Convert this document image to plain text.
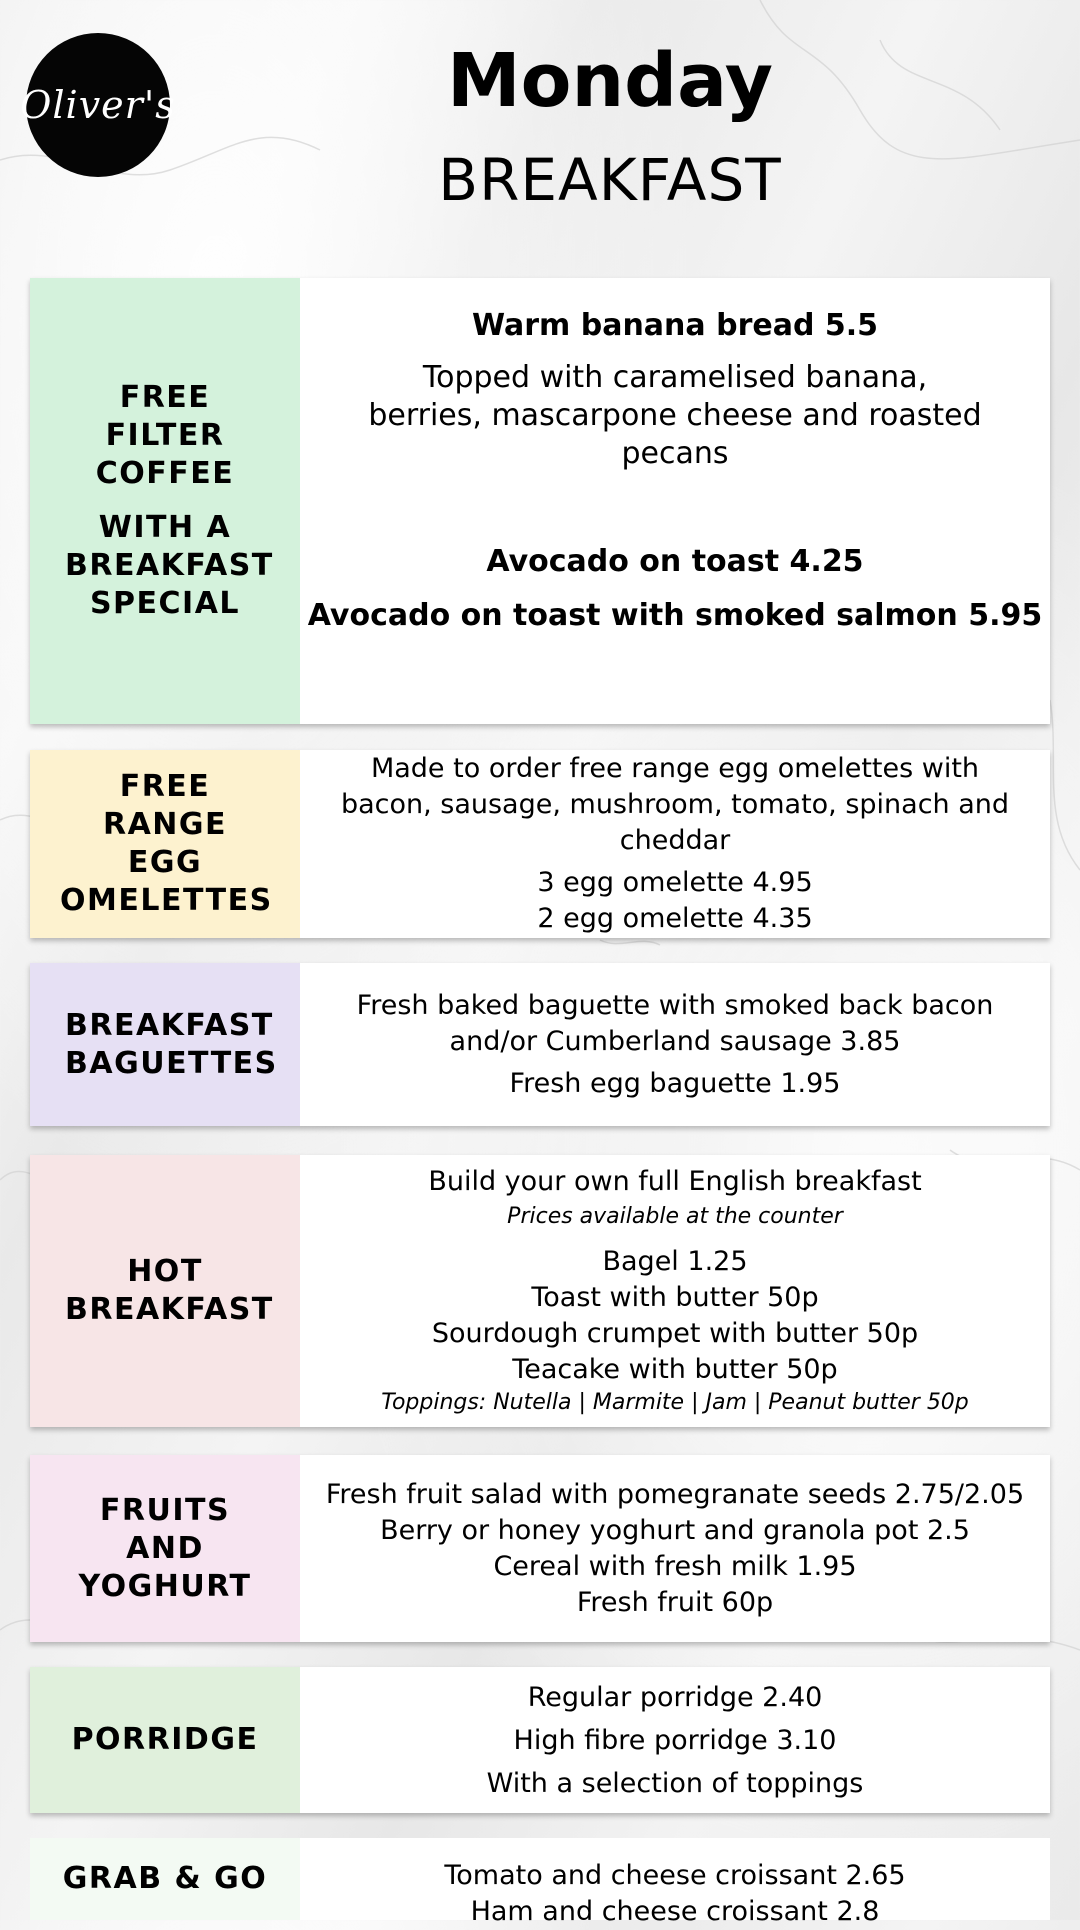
Oliver's	Monday
BREAKFAST
FREE FILTER COFFEE
WITH A BREAKFAST SPECIAL
Warm banana bread 5.5
Topped with caramelised banana, berries, mascarpone cheese and roasted pecans
Avocado on toast 4.25
Avocado on toast with smoked salmon 5.95
FREE RANGE EGG OMELETTES
Made to order free range egg omelettes with bacon, sausage, mushroom, tomato, spinach and cheddar
3 egg omelette 4.95
2 egg omelette 4.35
BREAKFAST BAGUETTES
Fresh baked baguette with smoked back bacon and/or Cumberland sausage 3.85
Fresh egg baguette 1.95
HOT BREAKFAST
Build your own full English breakfast
Prices available at the counter
Bagel 1.25
Toast with butter 50p
Sourdough crumpet with butter 50p
Teacake with butter 50p
Toppings: Nutella | Marmite | Jam | Peanut butter 50p
FRUITS AND YOGHURT
Fresh fruit salad with pomegranate seeds 2.75/2.05
Berry or honey yoghurt and granola pot 2.5
Cereal with fresh milk 1.95
Fresh fruit 60p
PORRIDGE
Regular porridge 2.40
High fibre porridge 3.10
With a selection of toppings
GRAB & GO	Tomato and cheese croissant 2.65
Ham and cheese croissant 2.8
